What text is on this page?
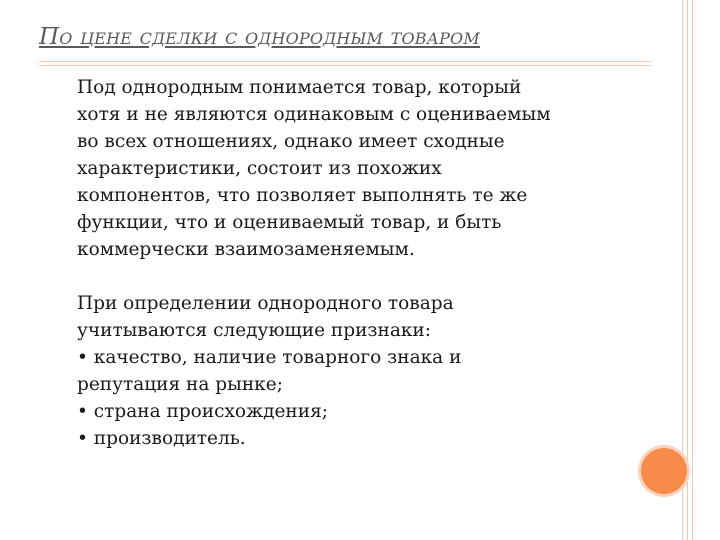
По цене сделки с однородным товаром
Под однородным понимается товар, который
хотя и не являются одинаковым с оцениваемым
во всех отношениях, однако имеет сходные
характеристики, состоит из похожих
компонентов, что позволяет выполнять те же
функции, что и оцениваемый товар, и быть
коммерчески взаимозаменяемым.
При определении однородного товара
учитываются следующие признаки:
• качество, наличие товарного знака и
репутация на рынке;
• страна происхождения;
• производитель.
